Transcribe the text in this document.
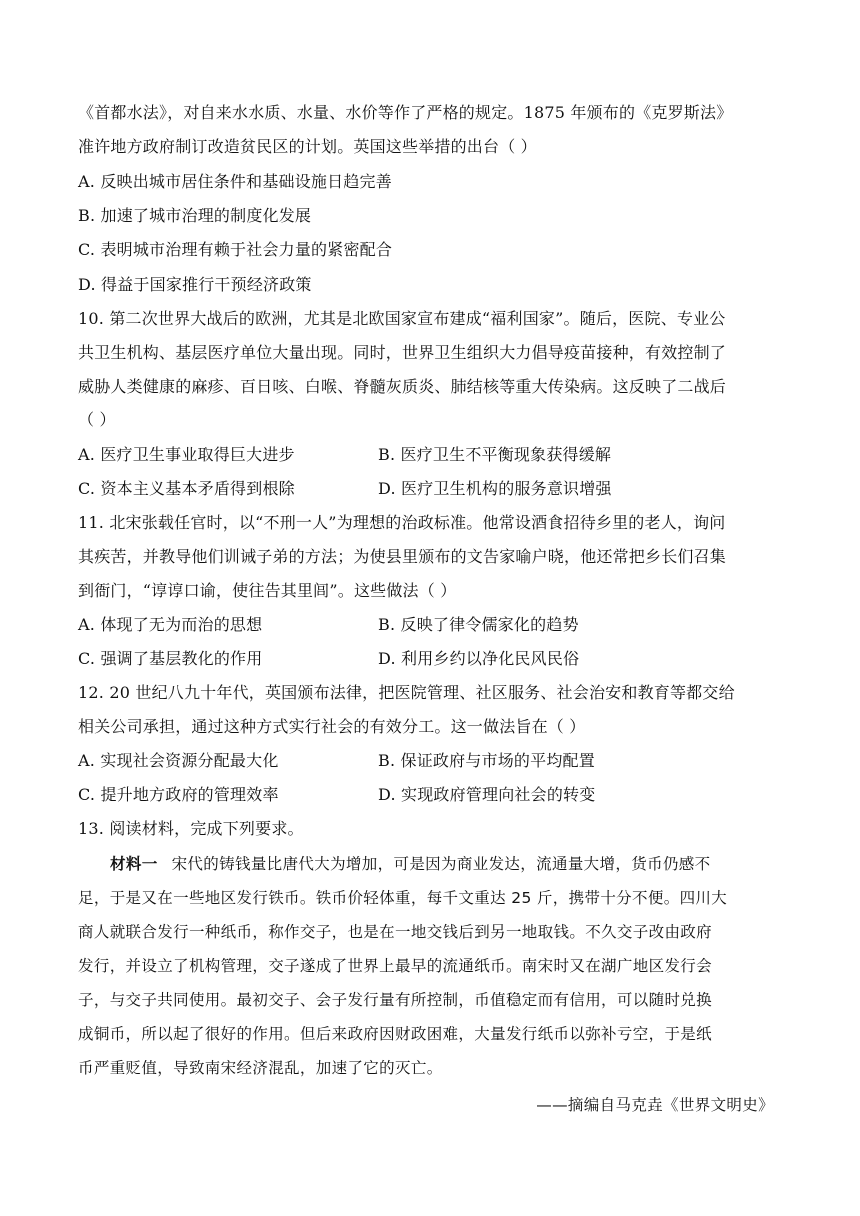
《首都水法》，对自来水水质、水量、水价等作了严格的规定。1875 年颁布的《克罗斯法》
准许地方政府制订改造贫民区的计划。英国这些举措的出台（ ）
A. 反映出城市居住条件和基础设施日趋完善
B. 加速了城市治理的制度化发展
C. 表明城市治理有赖于社会力量的紧密配合
D. 得益于国家推行干预经济政策
10. 第二次世界大战后的欧洲，尤其是北欧国家宣布建成“福利国家”。随后，医院、专业公
共卫生机构、基层医疗单位大量出现。同时，世界卫生组织大力倡导疫苗接种，有效控制了
威胁人类健康的麻疹、百日咳、白喉、脊髓灰质炎、肺结核等重大传染病。这反映了二战后
（ ）
A. 医疗卫生事业取得巨大进步	B. 医疗卫生不平衡现象获得缓解
C. 资本主义基本矛盾得到根除	D. 医疗卫生机构的服务意识增强
11. 北宋张载任官时，以“不刑一人”为理想的治政标准。他常设酒食招待乡里的老人，询问
其疾苦，并教导他们训诫子弟的方法；为使县里颁布的文告家喻户晓，他还常把乡长们召集
到衙门，“谆谆口谕，使往告其里闾”。这些做法（ ）
A. 体现了无为而治的思想	B. 反映了律令儒家化的趋势
C. 强调了基层教化的作用	D. 利用乡约以净化民风民俗
12. 20 世纪八九十年代，英国颁布法律，把医院管理、社区服务、社会治安和教育等都交给
相关公司承担，通过这种方式实行社会的有效分工。这一做法旨在（ ）
A. 实现社会资源分配最大化	B. 保证政府与市场的平均配置
C. 提升地方政府的管理效率	D. 实现政府管理向社会的转变
13. 阅读材料，完成下列要求。
材料一 宋代的铸钱量比唐代大为增加，可是因为商业发达，流通量大增，货币仍感不
足，于是又在一些地区发行铁币。铁币价轻体重，每千文重达 25 斤，携带十分不便。四川大
商人就联合发行一种纸币，称作交子，也是在一地交钱后到另一地取钱。不久交子改由政府
发行，并设立了机构管理，交子遂成了世界上最早的流通纸币。南宋时又在湖广地区发行会
子，与交子共同使用。最初交子、会子发行量有所控制，币值稳定而有信用，可以随时兑换
成铜币，所以起了很好的作用。但后来政府因财政困难，大量发行纸币以弥补亏空，于是纸
币严重贬值，导致南宋经济混乱，加速了它的灭亡。
——摘编自马克垚《世界文明史》
